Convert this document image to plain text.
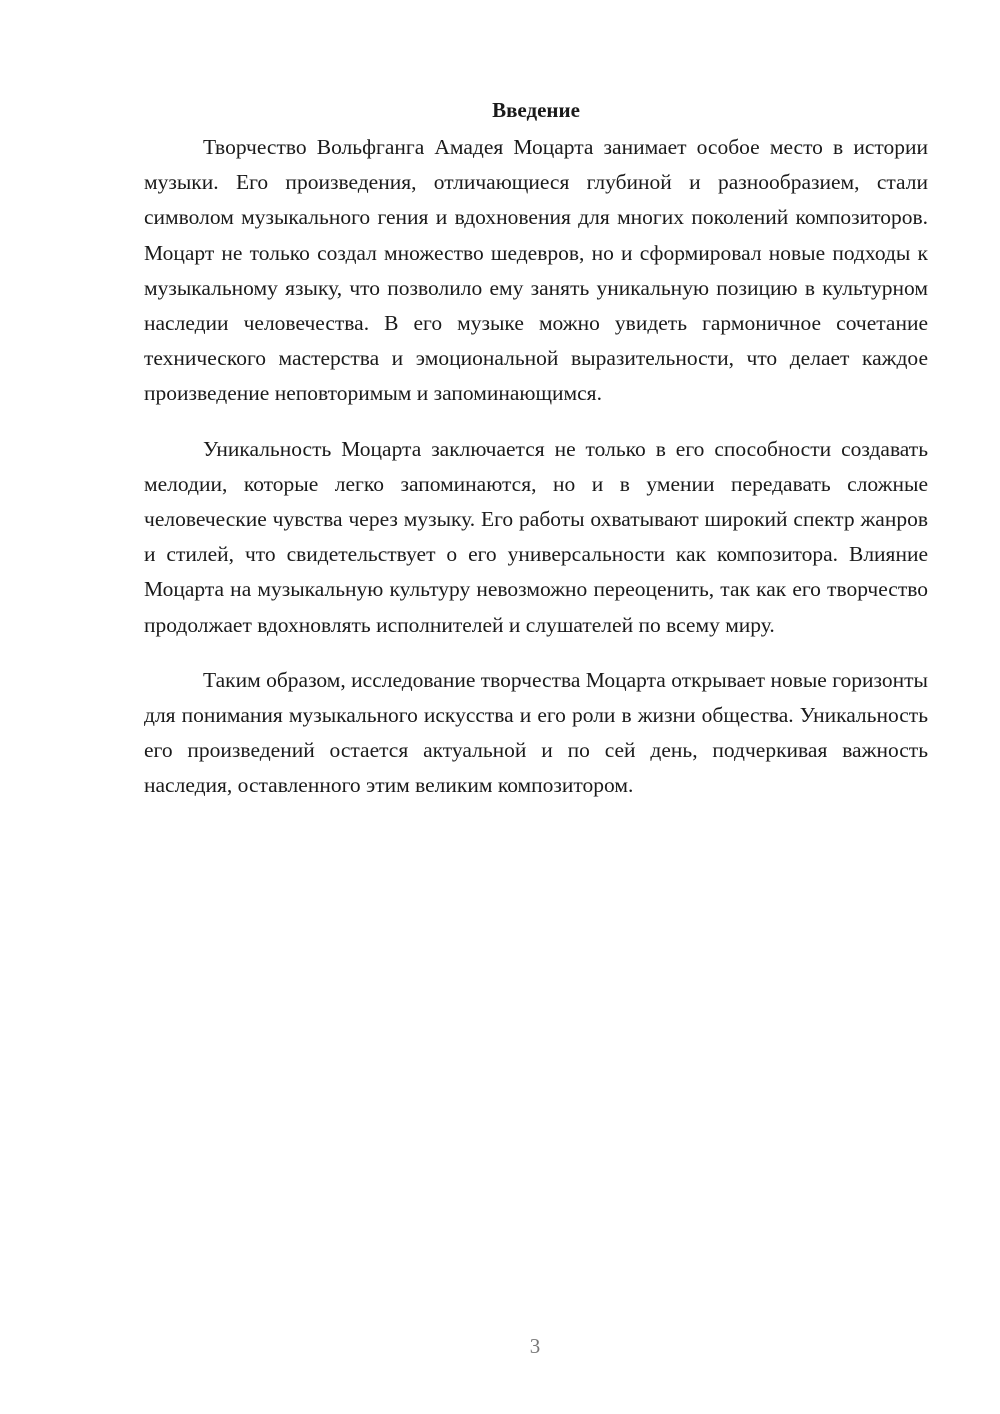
Введение

Творчество Вольфганга Амадея Моцарта занимает особое место в истории музыки. Его произведения, отличающиеся глубиной и разнообразием, стали символом музыкального гения и вдохновения для многих поколений композиторов. Моцарт не только создал множество шедевров, но и сформировал новые подходы к музыкальному языку, что позволило ему занять уникальную позицию в культурном наследии человечества. В его музыке можно увидеть гармоничное сочетание технического мастерства и эмоциональной выразительности, что делает каждое произведение неповторимым и запоминающимся.

Уникальность Моцарта заключается не только в его способности создавать мелодии, которые легко запоминаются, но и в умении передавать сложные человеческие чувства через музыку. Его работы охватывают широкий спектр жанров и стилей, что свидетельствует о его универсальности как композитора. Влияние Моцарта на музыкальную культуру невозможно переоценить, так как его творчество продолжает вдохновлять исполнителей и слушателей по всему миру.

Таким образом, исследование творчества Моцарта открывает новые горизонты для понимания музыкального искусства и его роли в жизни общества. Уникальность его произведений остается актуальной и по сей день, подчеркивая важность наследия, оставленного этим великим композитором.

3
